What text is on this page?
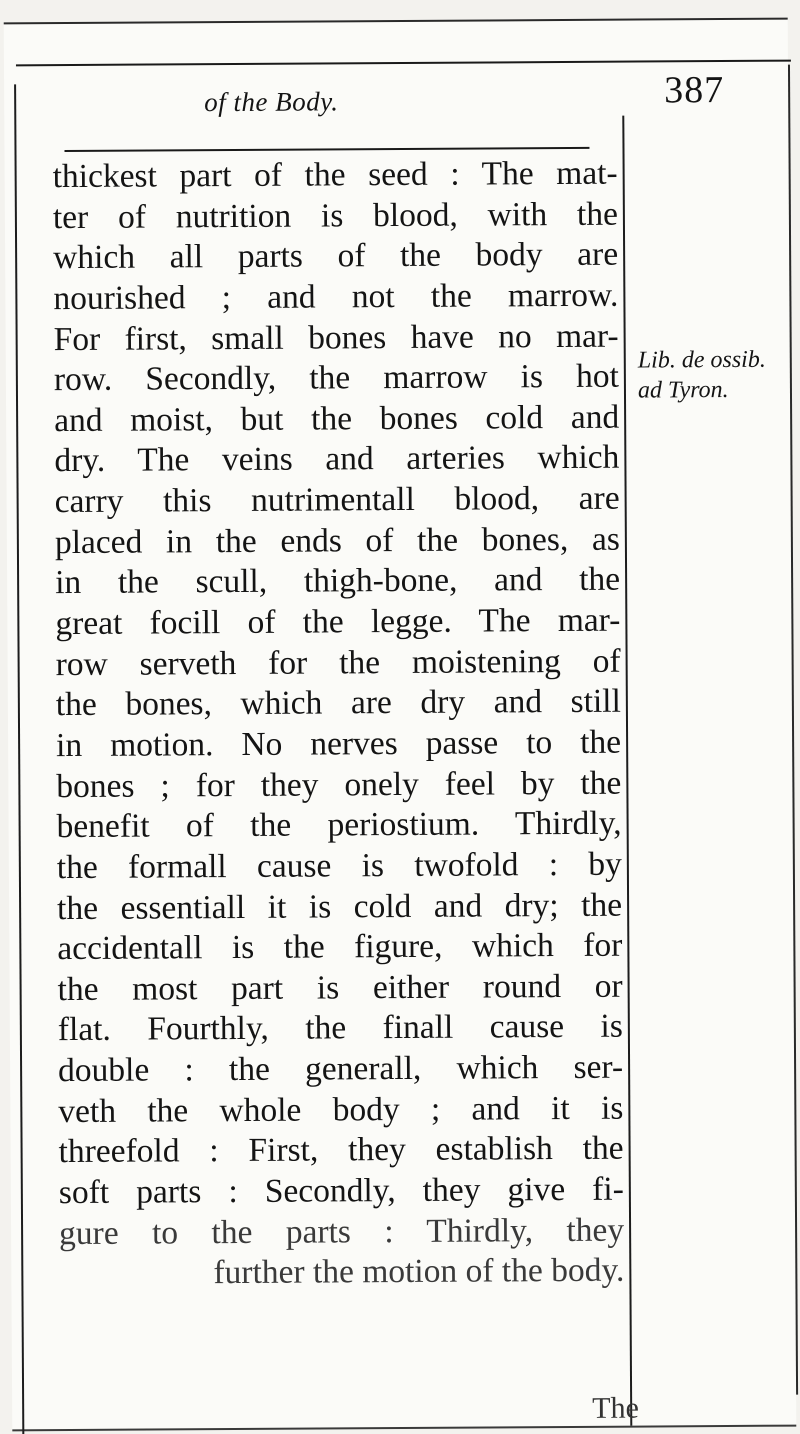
of the Body.	387
thickest part of the seed : The mat-
ter of nutrition is blood, with the
which all parts of the body are
nourished ; and not the marrow.
For first, small bones have no mar-
row. Secondly, the marrow is hot
and moist, but the bones cold and
dry. The veins and arteries which
carry this nutrimentall blood, are
placed in the ends of the bones, as
in the scull, thigh-bone, and the
great focill of the legge. The mar-
row serveth for the moistening of
the bones, which are dry and still
in motion. No nerves passe to the
bones ; for they onely feel by the
benefit of the periostium. Thirdly,
the formall cause is twofold : by
the essentiall it is cold and dry; the
accidentall is the figure, which for
the most part is either round or
flat. Fourthly, the finall cause is
double : the generall, which ser-
veth the whole body ; and it is
threefold : First, they establish the
soft parts : Secondly, they give fi-
gure to the parts : Thirdly, they
further the motion of the body.
Lib. de ossib.
ad Tyron.
The
